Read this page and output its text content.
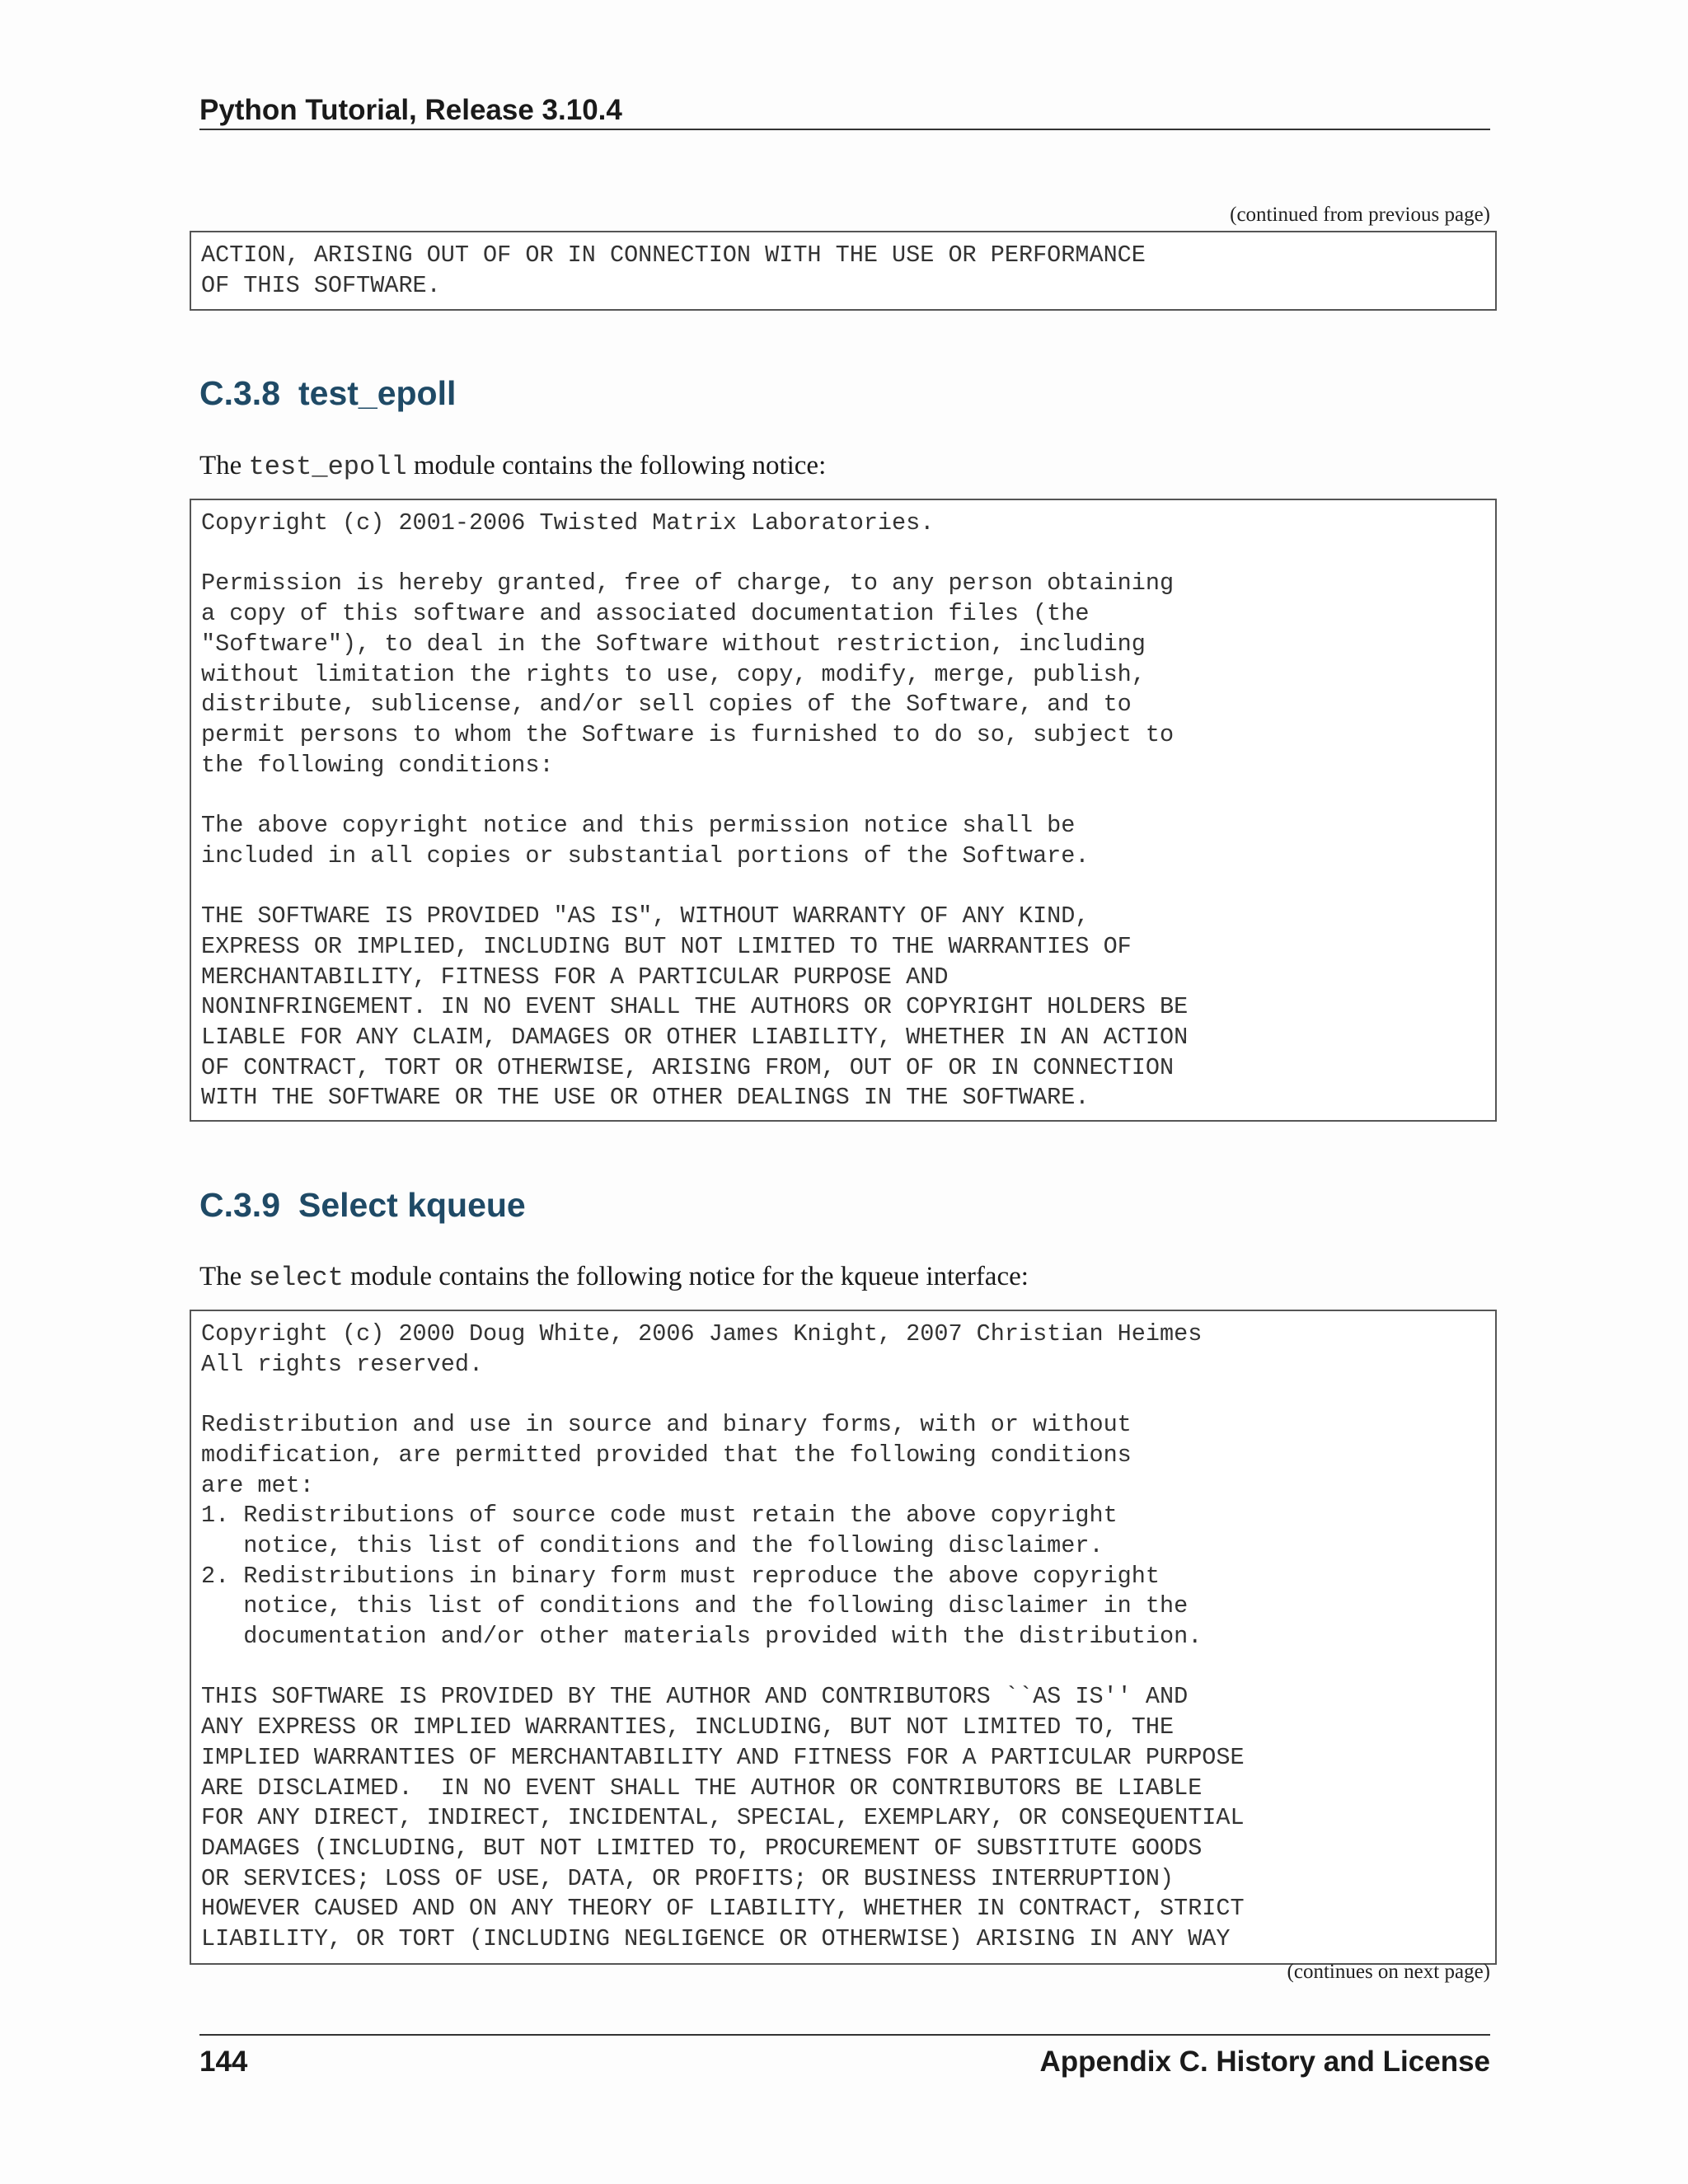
Python Tutorial, Release 3.10.4
(continued from previous page)
ACTION, ARISING OUT OF OR IN CONNECTION WITH THE USE OR PERFORMANCE
OF THIS SOFTWARE.
C.3.8 test_epoll

The test_epoll module contains the following notice:

Copyright (c) 2001-2006 Twisted Matrix Laboratories.

Permission is hereby granted, free of charge, to any person obtaining
a copy of this software and associated documentation files (the
"Software"), to deal in the Software without restriction, including
without limitation the rights to use, copy, modify, merge, publish,
distribute, sublicense, and/or sell copies of the Software, and to
permit persons to whom the Software is furnished to do so, subject to
the following conditions:

The above copyright notice and this permission notice shall be
included in all copies or substantial portions of the Software.

THE SOFTWARE IS PROVIDED "AS IS", WITHOUT WARRANTY OF ANY KIND,
EXPRESS OR IMPLIED, INCLUDING BUT NOT LIMITED TO THE WARRANTIES OF
MERCHANTABILITY, FITNESS FOR A PARTICULAR PURPOSE AND
NONINFRINGEMENT. IN NO EVENT SHALL THE AUTHORS OR COPYRIGHT HOLDERS BE
LIABLE FOR ANY CLAIM, DAMAGES OR OTHER LIABILITY, WHETHER IN AN ACTION
OF CONTRACT, TORT OR OTHERWISE, ARISING FROM, OUT OF OR IN CONNECTION
WITH THE SOFTWARE OR THE USE OR OTHER DEALINGS IN THE SOFTWARE.
C.3.9 Select kqueue

The select module contains the following notice for the kqueue interface:

Copyright (c) 2000 Doug White, 2006 James Knight, 2007 Christian Heimes
All rights reserved.

Redistribution and use in source and binary forms, with or without
modification, are permitted provided that the following conditions
are met:
1. Redistributions of source code must retain the above copyright
notice, this list of conditions and the following disclaimer.
2. Redistributions in binary form must reproduce the above copyright
notice, this list of conditions and the following disclaimer in the
documentation and/or other materials provided with the distribution.

THIS SOFTWARE IS PROVIDED BY THE AUTHOR AND CONTRIBUTORS ``AS IS'' AND
ANY EXPRESS OR IMPLIED WARRANTIES, INCLUDING, BUT NOT LIMITED TO, THE
IMPLIED WARRANTIES OF MERCHANTABILITY AND FITNESS FOR A PARTICULAR PURPOSE
ARE DISCLAIMED.  IN NO EVENT SHALL THE AUTHOR OR CONTRIBUTORS BE LIABLE
FOR ANY DIRECT, INDIRECT, INCIDENTAL, SPECIAL, EXEMPLARY, OR CONSEQUENTIAL
DAMAGES (INCLUDING, BUT NOT LIMITED TO, PROCUREMENT OF SUBSTITUTE GOODS
OR SERVICES; LOSS OF USE, DATA, OR PROFITS; OR BUSINESS INTERRUPTION)
HOWEVER CAUSED AND ON ANY THEORY OF LIABILITY, WHETHER IN CONTRACT, STRICT
LIABILITY, OR TORT (INCLUDING NEGLIGENCE OR OTHERWISE) ARISING IN ANY WAY
(continues on next page)
144	Appendix C. History and License
